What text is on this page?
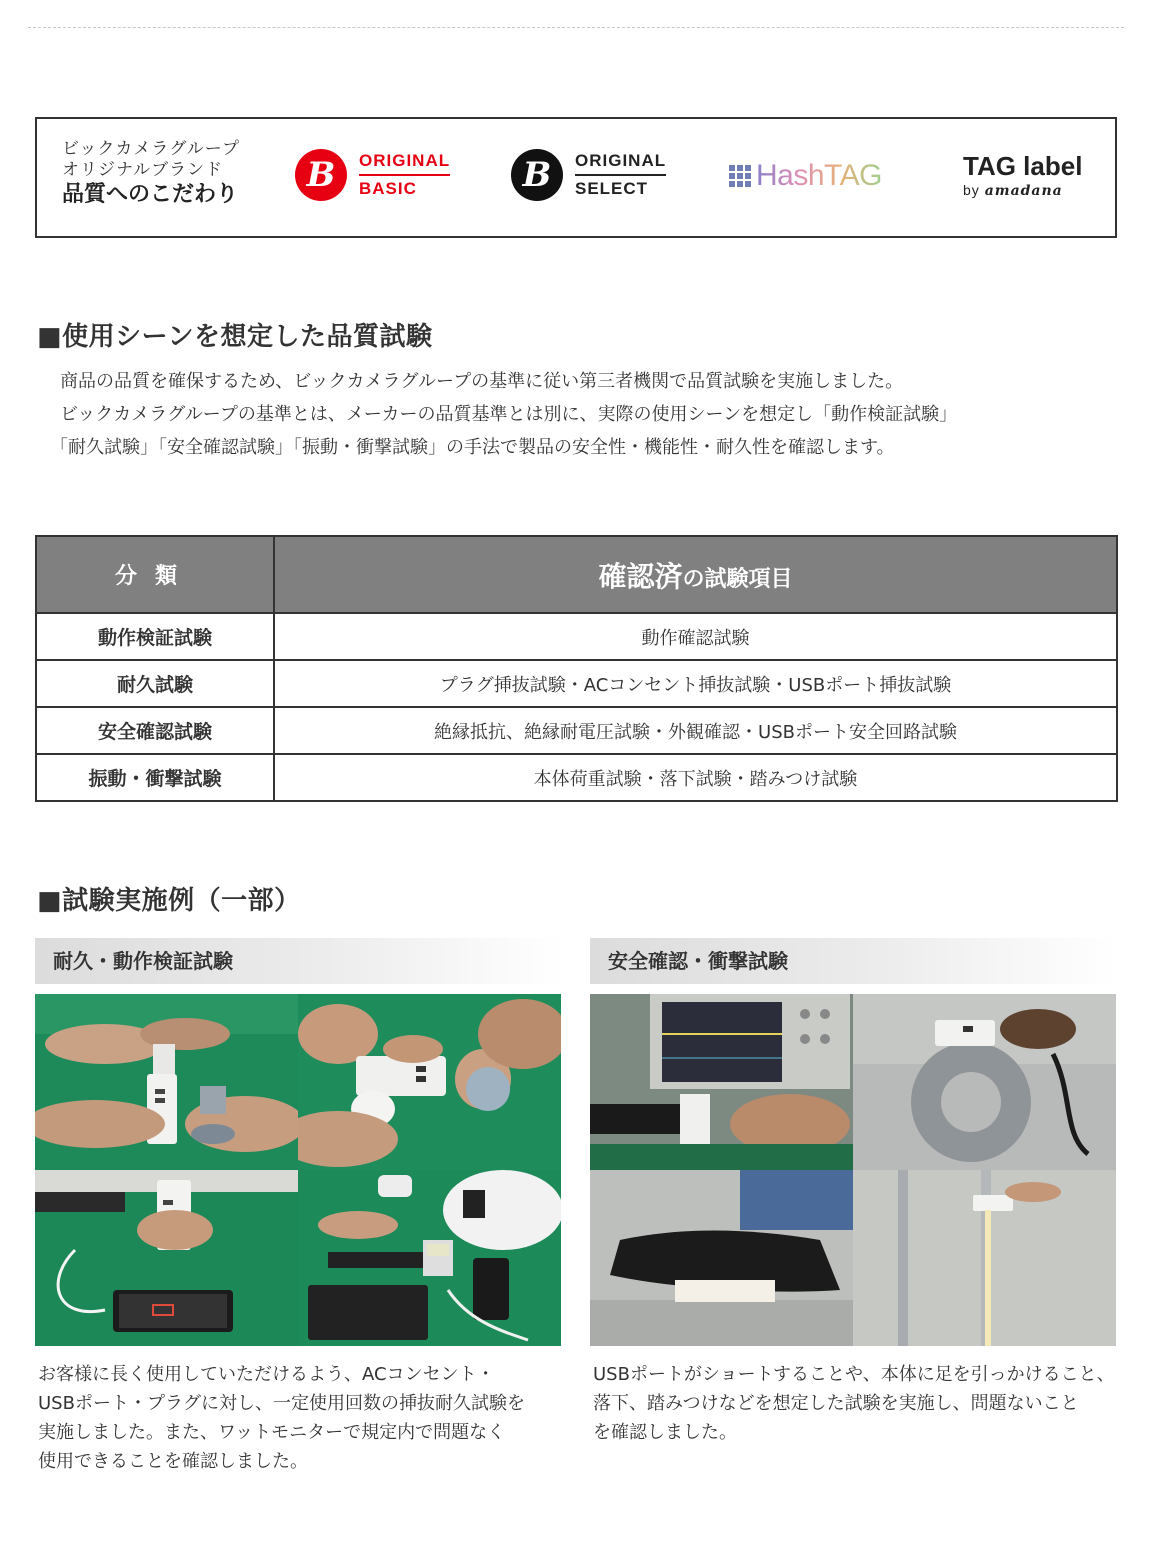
ビックカメラグループ
オリジナルブランド
品質へのこだわり	B	ORIGINAL
BASIC	B	ORIGINAL
SELECT	HashTAG	TAG label
by amadana
■使用シーンを想定した品質試験
商品の品質を確保するため、ビックカメラグループの基準に従い第三者機関で品質試験を実施しました。
ビックカメラグループの基準とは、メーカーの品質基準とは別に、実際の使用シーンを想定し「動作検証試験」
「耐久試験」「安全確認試験」「振動・衝撃試験」の手法で製品の安全性・機能性・耐久性を確認します。
分類	確認済の試験項目
動作検証試験	動作確認試験
耐久試験	プラグ挿抜試験・ACコンセント挿抜試験・USBポート挿抜試験
安全確認試験	絶縁抵抗、絶縁耐電圧試験・外観確認・USBポート安全回路試験
振動・衝撃試験	本体荷重試験・落下試験・踏みつけ試験
■試験実施例（一部）
耐久・動作検証試験
お客様に長く使用していただけるよう、ACコンセント・
USBポート・プラグに対し、一定使用回数の挿抜耐久試験を
実施しました。また、ワットモニターで規定内で問題なく
使用できることを確認しました。
安全確認・衝撃試験
USBポートがショートすることや、本体に足を引っかけること、
落下、踏みつけなどを想定した試験を実施し、問題ないこと
を確認しました。
